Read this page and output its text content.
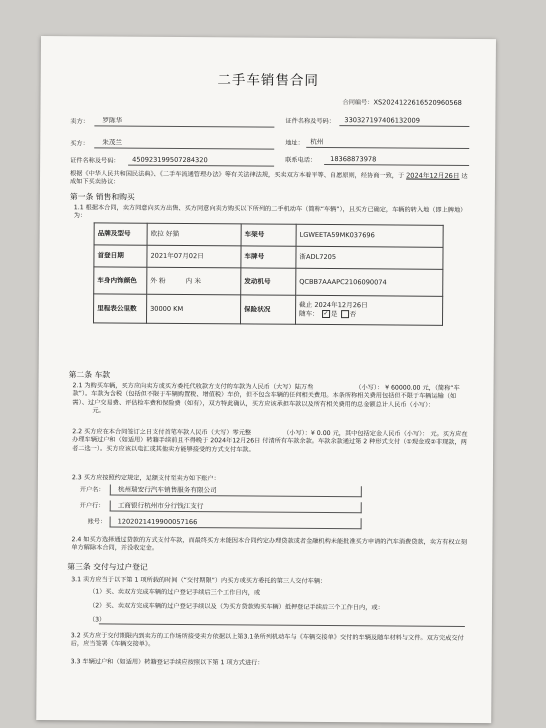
二手车销售合同
合同编号：XS2024122616520960568
卖方： 罗陈华	证件名称及号码： 330327197406132009
买方： 朱茂兰	地址： 杭州
证件名称及号码： 450923199507284320	联系电话： 18368873978
根据《中华人民共和国民法典》、《二手车流通管理办法》等有关法律法规，买卖双方本着平等、自愿原则，经协商一致，于 2024年12月26日 达成如下买卖协议：
第一条 销售和购买
1.1 根据本合同，卖方同意向买方出售、买方同意向卖方购买以下所列的二手机动车（简称“车辆”），且买方已确定，车辆的转入地（即上牌地）为：
品牌及型号	欧拉 好猫	车架号	LGWEETA59MK037696
首登日期	2021年07月02日	车牌号	浙ADL7205
车身内饰颜色	外 粉 内 米	发动机号	QCBB7AAAPC2106090074
里程表公里数	30000 KM	保险状况	截止 2024年12月26日
随车： ✓ 是 否
第二条 车款
2.1 为购买车辆，买方应向卖方或买方委托代收款方支付的车款为人民币（大写）陆万叁	（小写）： ¥ 60000.00 元，（简称“车款”）。车款为含税（包括但不限于车辆购置税、增值税）车价，但不包含车辆的任何相关费用。本条所称相关费用包括但不限于车辆运输（如需）、过户交易费、评估检车费和保险费（如有），双方特此确认，买方应该承担车款以及所有相关费用的总金额总计人民币（小写）： 元。
2.2 买方应在本合同签订之日支付首笔车款人民币（大写）零元整	（小写）：¥ 0.00 元，其中包括定金人民币（小写）： 元。买方应在办理车辆过户和（如适用）转籍手续前且不得晚于 2024年12月26日 付清所有车款余款。车款余款通过第 2 种形式支付（①现金或②非现款，两者二选一）。买方应该以电汇或其他卖方能够接受的方式支付车款。
2.3 买方应按照约定规定，足额支付至卖方如下账户：
开户名： 杭州瑞安行汽车销售服务有限公司
开户行： 工商银行杭州市分行钱江支行
账号： 1202021419900057166
2.4 如买方选择通过贷款的方式支付车款，而最终买方未能因本合同约定办理贷款或者金融机构未能批准买方申请的汽车消费贷款，卖方有权立刻单方解除本合同，并没收定金。
第三条 交付与过户登记
3.1 卖方应当于以下第 1 项所载的时间（“交付期限”）内买方或买方委托的第三人交付车辆：
（1）买、卖双方完成车辆的过户登记手续后三个工作日内，或
（2）买、卖双方完成车辆的过户登记手续以及（为买方贷款购买车辆）抵押登记手续后三个工作日内，或：
（3）
3.2 买方应于交付期限内到卖方的工作场所接受卖方依据以上第3.1条所列机动车与《车辆交接单》交付的车辆及随车材料与文件。双方完成交付后，应当签署《车辆交接单》。
3.3 车辆过户和（如适用）转籍登记手续应按照以下第 1 项方式进行：
